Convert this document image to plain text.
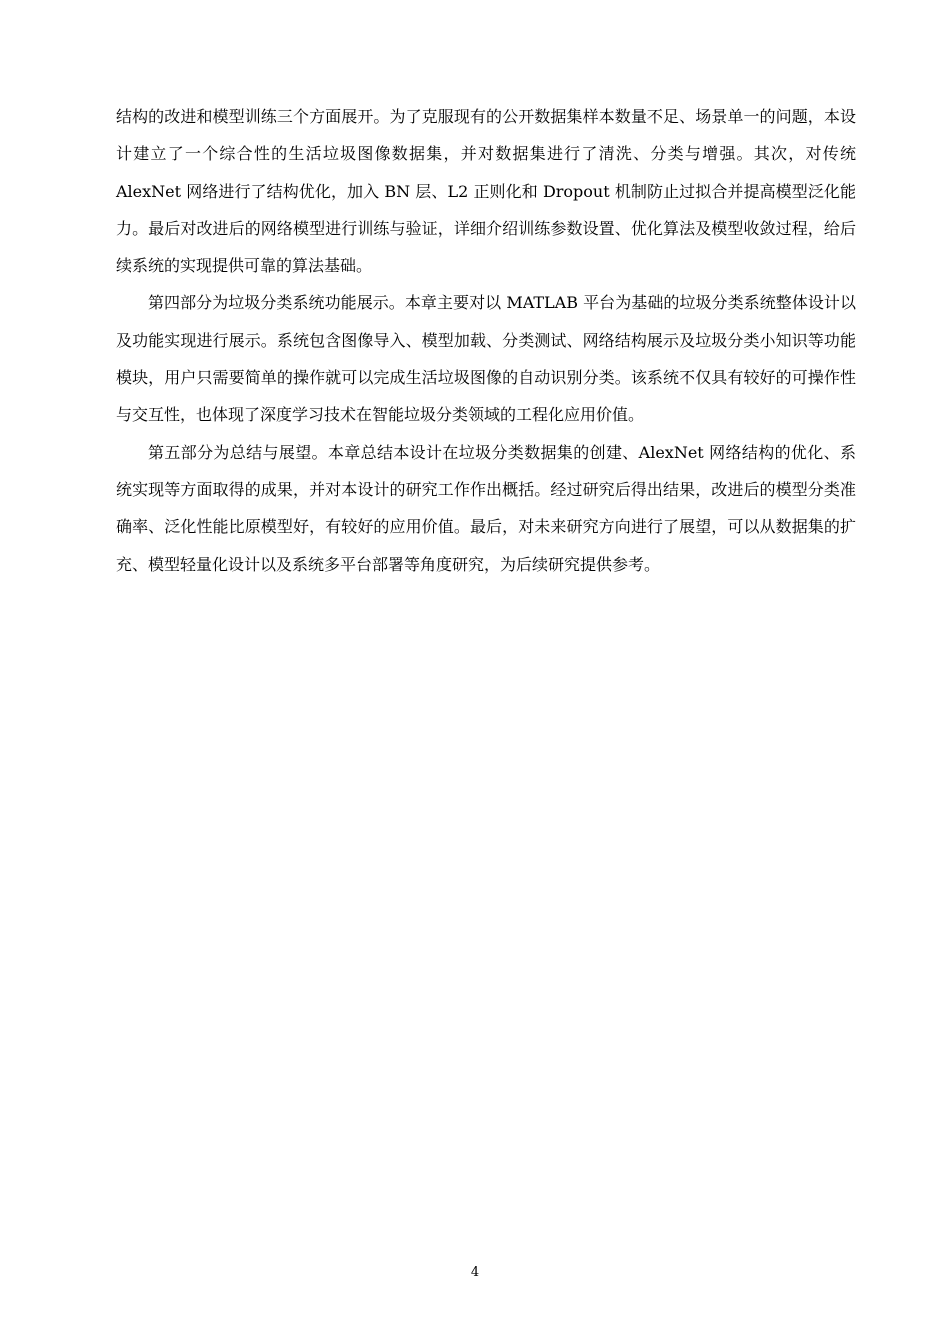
结构的改进和模型训练三个方面展开。为了克服现有的公开数据集样本数量不足、场景单一的问题，本设计建立了一个综合性的生活垃圾图像数据集，并对数据集进行了清洗、分类与增强。其次，对传统 AlexNet 网络进行了结构优化，加入 BN 层、L2 正则化和 Dropout 机制防止过拟合并提高模型泛化能力。最后对改进后的网络模型进行训练与验证，详细介绍训练参数设置、优化算法及模型收敛过程，给后续系统的实现提供可靠的算法基础。

第四部分为垃圾分类系统功能展示。本章主要对以 MATLAB 平台为基础的垃圾分类系统整体设计以及功能实现进行展示。系统包含图像导入、模型加载、分类测试、网络结构展示及垃圾分类小知识等功能模块，用户只需要简单的操作就可以完成生活垃圾图像的自动识别分类。该系统不仅具有较好的可操作性与交互性，也体现了深度学习技术在智能垃圾分类领域的工程化应用价值。

第五部分为总结与展望。本章总结本设计在垃圾分类数据集的创建、AlexNet 网络结构的优化、系统实现等方面取得的成果，并对本设计的研究工作作出概括。经过研究后得出结果，改进后的模型分类准确率、泛化性能比原模型好，有较好的应用价值。最后，对未来研究方向进行了展望，可以从数据集的扩充、模型轻量化设计以及系统多平台部署等角度研究，为后续研究提供参考。

4
